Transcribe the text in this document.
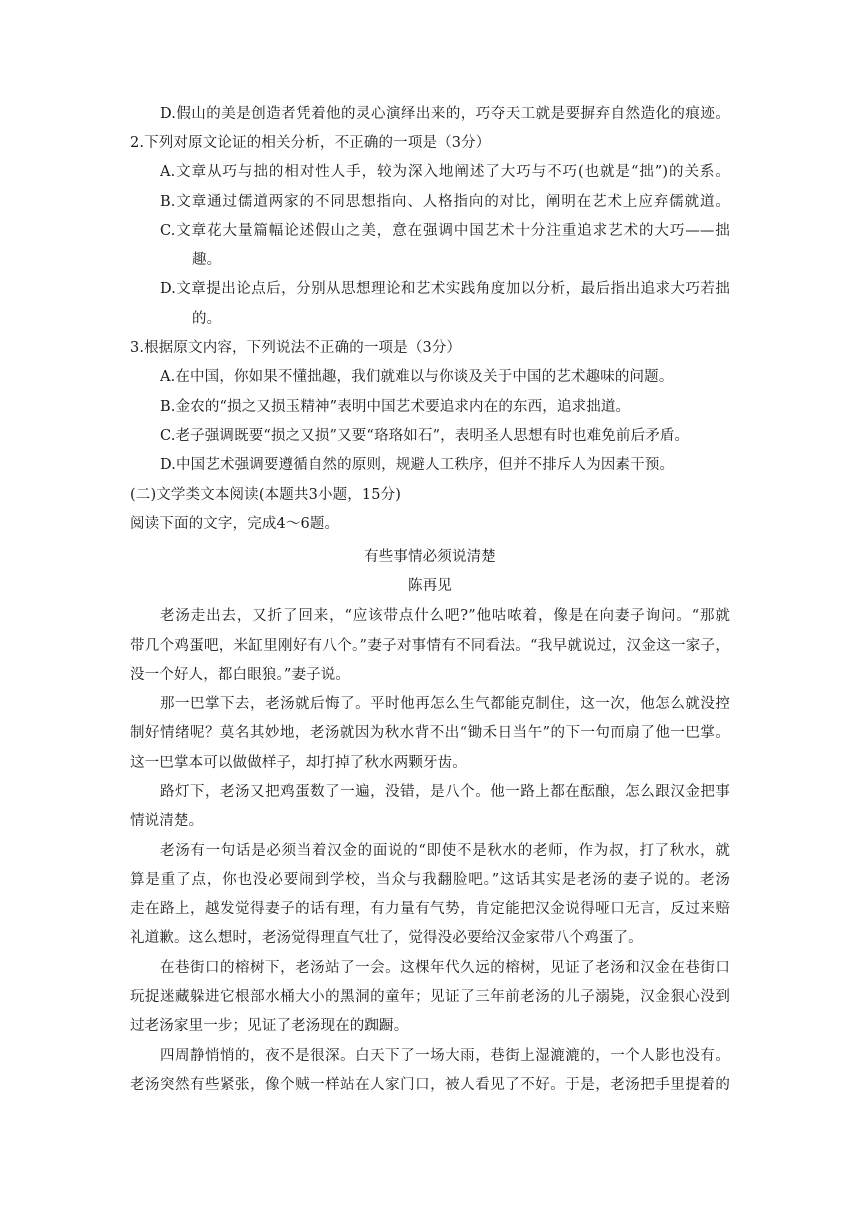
D.假山的美是创造者凭着他的灵心演绎出来的，巧夺天工就是要摒弃自然造化的痕迹。
2.下列对原文论证的相关分析，不正确的一项是（3分）
A.文章从巧与拙的相对性人手，较为深入地阐述了大巧与不巧(也就是“拙”)的关系。
B.文章通过儒道两家的不同思想指向、人格指向的对比，阐明在艺术上应弃儒就道。
C.文章花大量篇幅论述假山之美，意在强调中国艺术十分注重追求艺术的大巧——拙
趣。
D.文章提出论点后，分别从思想理论和艺术实践角度加以分析，最后指出追求大巧若拙
的。
3.根据原文内容，下列说法不正确的一项是（3分）
A.在中国，你如果不懂拙趣，我们就难以与你谈及关于中国的艺术趣味的问题。
B.金农的“损之又损玉精神”表明中国艺术要追求内在的东西，追求拙道。
C.老子强调既要“损之又损”又要“珞珞如石”，表明圣人思想有时也难免前后矛盾。
D.中国艺术强调要遵循自然的原则，规避人工秩序，但并不排斥人为因素干预。
(二)文学类文本阅读(本题共3小题，15分)
阅读下面的文字，完成4～6题。
有些事情必须说清楚
陈再见
老汤走出去，又折了回来，“应该带点什么吧?”他咕哝着，像是在向妻子询问。“那就
带几个鸡蛋吧，米缸里刚好有八个。”妻子对事情有不同看法。“我早就说过，汉金这一家子，
没一个好人，都白眼狼。”妻子说。
那一巴掌下去，老汤就后悔了。平时他再怎么生气都能克制住，这一次，他怎么就没控
制好情绪呢？莫名其妙地，老汤就因为秋水背不出“锄禾日当午”的下一句而扇了他一巴掌。
这一巴掌本可以做做样子，却打掉了秋水两颗牙齿。
路灯下，老汤又把鸡蛋数了一遍，没错，是八个。他一路上都在酝酿，怎么跟汉金把事
情说清楚。
老汤有一句话是必须当着汉金的面说的“即使不是秋水的老师，作为叔，打了秋水，就
算是重了点，你也没必要闹到学校，当众与我翻脸吧。”这话其实是老汤的妻子说的。老汤
走在路上，越发觉得妻子的话有理，有力量有气势，肯定能把汉金说得哑口无言，反过来赔
礼道歉。这么想时，老汤觉得理直气壮了，觉得没必要给汉金家带八个鸡蛋了。
在巷街口的榕树下，老汤站了一会。这棵年代久远的榕树，见证了老汤和汉金在巷街口
玩捉迷藏躲进它根部水桶大小的黑洞的童年；见证了三年前老汤的儿子溺毙，汉金狠心没到
过老汤家里一步；见证了老汤现在的踟蹰。
四周静悄悄的，夜不是很深。白天下了一场大雨，巷街上湿漉漉的，一个人影也没有。
老汤突然有些紧张，像个贼一样站在人家门口，被人看见了不好。于是，老汤把手里提着的
